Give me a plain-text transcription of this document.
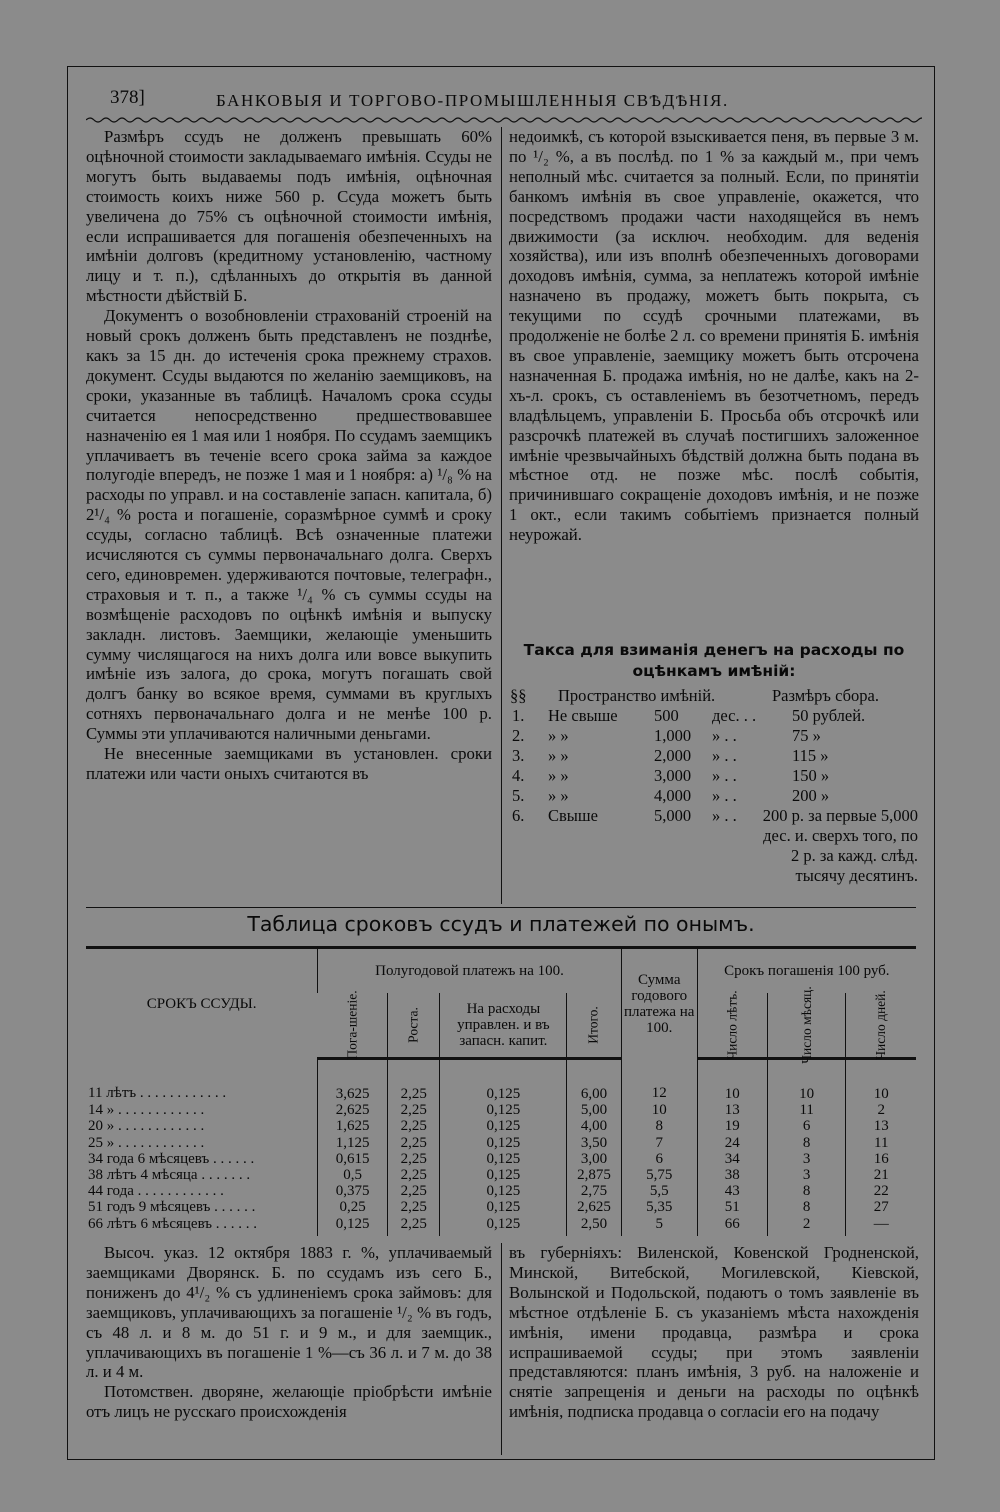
378]	БАНКОВЫЯ И ТОРГОВО-ПРОМЫШЛЕННЫЯ СВѢДѢНІЯ.

Размѣръ ссудъ не долженъ превышать 60% оцѣночной стоимости закладываемаго имѣнія. Ссуды не могутъ быть выдаваемы подъ имѣнія, оцѣночная стоимость коихъ ниже 560 р. Ссуда можетъ быть увеличена до 75% съ оцѣночной стоимости имѣнія, если испрашивается для погашенія обезпеченныхъ на имѣніи долговъ (кредитному установленію, частному лицу и т. п.), сдѣланныхъ до открытія въ данной мѣстности дѣйствій Б.

Документъ о возобновленіи страхованій строеній на новый срокъ долженъ быть представленъ не позднѣе, какъ за 15 дн. до истеченія срока прежнему страхов. документ. Ссуды выдаются по желанію заемщиковъ, на сроки, указанные въ таблицѣ. Началомъ срока ссуды считается непосредственно предшествовавшее назначенію ея 1 мая или 1 ноября. По ссудамъ заемщикъ уплачиваетъ въ теченіе всего срока займа за каждое полугодіе впередъ, не позже 1 мая и 1 ноября: а) ¹/₈ % на расходы по управл. и на составленіе запасн. капитала, б) 2¹/₄ % роста и погашеніе, соразмѣрное суммѣ и сроку ссуды, согласно таблицѣ. Всѣ означенные платежи исчисляются съ суммы первоначальнаго долга. Сверхъ сего, единовремен. удерживаются почтовые, телеграфн., страховыя и т. п., а также ¹/₄ % съ суммы ссуды на возмѣщеніе расходовъ по оцѣнкѣ имѣнія и выпуску закладн. листовъ. Заемщики, желающіе уменьшить сумму числящагося на нихъ долга или вовсе выкупить имѣніе изъ залога, до срока, могутъ погашать свой долгъ банку во всякое время, суммами въ круглыхъ сотняхъ первоначальнаго долга и не менѣе 100 р. Суммы эти уплачиваются наличными деньгами.

Не внесенные заемщиками въ установлен. сроки платежи или части оныхъ считаются въ

недоимкѣ, съ которой взыскивается пеня, въ первые 3 м. по ¹/₂ %, а въ послѣд. по 1 % за каждый м., при чемъ неполный мѣс. считается за полный. Если, по принятіи банкомъ имѣнія въ свое управленіе, окажется, что посредствомъ продажи части находящейся въ немъ движимости (за исключ. необходим. для веденія хозяйства), или изъ вполнѣ обезпеченныхъ договорами доходовъ имѣнія, сумма, за неплатежъ которой имѣніе назначено въ продажу, можетъ быть покрыта, съ текущими по ссудѣ срочными платежами, въ продолженіе не болѣе 2 л. со времени принятія Б. имѣнія въ свое управленіе, заемщику можетъ быть отсрочена назначенная Б. продажа имѣнія, но не далѣе, какъ на 2-хъ-л. срокъ, съ оставленіемъ въ безотчетномъ, передъ владѣльцемъ, управленіи Б. Просьба объ отсрочкѣ или разсрочкѣ платежей въ случаѣ постигшихъ заложенное имѣніе чрезвычайныхъ бѣдствій должна быть подана въ мѣстное отд. не позже мѣс. послѣ событія, причинившаго сокращеніе доходовъ имѣнія, и не позже 1 окт., если такимъ событіемъ признается полный неурожай.

Такса для взиманія денегъ на расходы по оцѣнкамъ имѣній:
§§ Пространство имѣній.	Размѣръ сбора.
1. Не свыше 500 дес. . . 50 рублей.
2. » »	1,000 » . .	75 »
3. » »	2,000 » . .	115 »
4. » »	3,000 » . .	150 »
5. » »	4,000 » . .	200 »
6. Свыше	5,000 » . . 200 р. за первые 5,000 дес. и. сверхъ того, по 2 р. за кажд. слѣд. тысячу десятинъ.
Таблица сроковъ ссудъ и платежей по онымъ.
СРОКЪ ССУДЫ.	Полугодовой платежъ на 100.				Сумма годового платежа на 100.	Срокъ погашенія 100 руб.		

	Пога-шеніе.	Роста.	На расходы управлен. и въ запасн. капит.	Итого.		Число лѣтъ.	Число мѣсяц.	Число дней.

11 лѣтъ . . . . . . . . . . . .	3,625	2,25	0,125	6,00	12	10	10	10
14 » . . . . . . . . . . . .	2,625	2,25	0,125	5,00	10	13	11	2
20 » . . . . . . . . . . . .	1,625	2,25	0,125	4,00	8	19	6	13
25 » . . . . . . . . . . . .	1,125	2,25	0,125	3,50	7	24	8	11
34 года 6 мѣсяцевъ . . . . . .	0,615	2,25	0,125	3,00	6	34	3	16
38 лѣтъ 4 мѣсяца . . . . . . .	0,5	2,25	0,125	2,875	5,75	38	3	21
44 года . . . . . . . . . . . .	0,375	2,25	0,125	2,75	5,5	43	8	22
51 годъ 9 мѣсяцевъ . . . . . .	0,25	2,25	0,125	2,625	5,35	51	8	27
66 лѣтъ 6 мѣсяцевъ . . . . . .	0,125	2,25	0,125	2,50	5	66	2	—

Высоч. указ. 12 октября 1883 г. %, уплачиваемый заемщиками Дворянск. Б. по ссудамъ изъ сего Б., пониженъ до 4¹/₂ % съ удлиненіемъ срока займовъ: для заемщиковъ, уплачивающихъ за погашеніе ¹/₂ % въ годъ, съ 48 л. и 8 м. до 51 г. и 9 м., и для заемщик., уплачивающихъ въ погашеніе 1 %—съ 36 л. и 7 м. до 38 л. и 4 м.

Потомствен. дворяне, желающіе пріобрѣсти имѣніе отъ лицъ не русскаго происхожденія

въ губерніяхъ: Виленской, Ковенской Гродненской, Минской, Витебской, Могилевской, Кіевской, Волынской и Подольской, подаютъ о томъ заявленіе въ мѣстное отдѣленіе Б. съ указаніемъ мѣста нахожденія имѣнія, имени продавца, размѣра и срока испрашиваемой ссуды; при этомъ заявленіи представляются: планъ имѣнія, 3 руб. на наложеніе и снятіе запрещенія и деньги на расходы по оцѣнкѣ имѣнія, подписка продавца о согласіи его на подачу
